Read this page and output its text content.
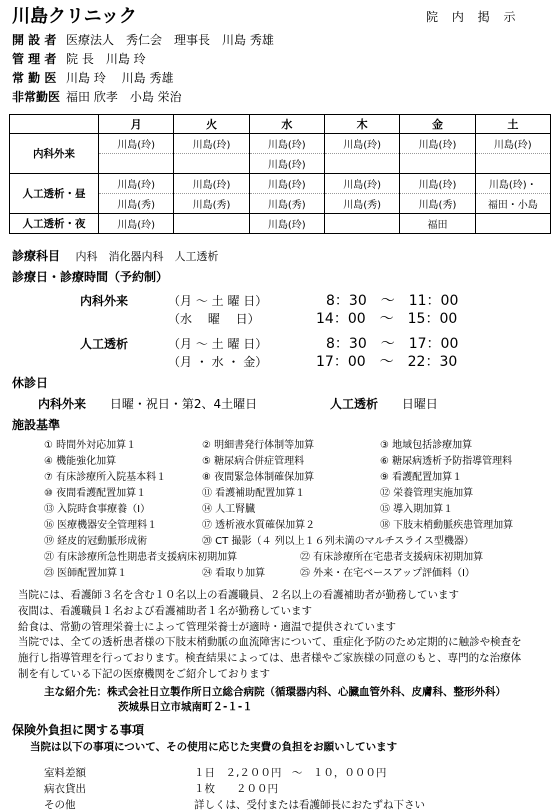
川島クリニック	院 内 掲 示
開 設 者 医療法人　秀仁会　理事長　川島 秀雄
管 理 者 院 長　川島 玲
常 勤 医 川島 玲　 川島 秀雄
非常勤医 福田 欣孝　小島 栄治
	月	火	水	木	金	土
内科外来	川島(玲)	川島(玲)	川島(玲)	川島(玲)	川島(玲)	川島(玲)
			川島(玲)			
人工透析・昼	川島(玲)	川島(玲)	川島(玲)	川島(玲)	川島(玲)	川島(玲)・
	川島(秀)	川島(秀)	川島(秀)	川島(秀)	川島(秀)	福田・小島
人工透析・夜	川島(玲)		川島(玲)		福田	
診療科目 内科　消化器内科　人工透析
診療日・診療時間（予約制）
内科外来	（月 ～ 土 曜 日）	8：30　～　11：00
（水　 曜　 日）	14：00　～　15：00
人工透析	（月 ～ 土 曜 日）	8：30　～　17：00
（月 ・ 水 ・ 金）	17：00　～　22：30
休診日
内科外来 日曜・祝日・第2、4土曜日	人工透析 日曜日
施設基準
① 時間外対応加算１	② 明細書発行体制等加算	③ 地域包括診療加算
④ 機能強化加算	⑤ 糖尿病合併症管理料	⑥ 糖尿病透析予防指導管理料
⑦ 有床診療所入院基本料１	⑧ 夜間緊急体制確保加算	⑨ 看護配置加算１
⑩ 夜間看護配置加算１	⑪ 看護補助配置加算１	⑫ 栄養管理実施加算
⑬ 入院時食事療養（Ⅰ）	⑭ 人工腎臓	⑮ 導入期加算１
⑯ 医療機器安全管理料１	⑰ 透析液水質確保加算２	⑱ 下肢末梢動脈疾患管理加算
⑲ 経皮的冠動脈形成術	⑳ CT 撮影（４ 列以上１６列未満のマルチスライス型機器）
㉑ 有床診療所急性期患者支援病床初期加算	㉒ 有床診療所在宅患者支援病床初期加算
㉓ 医師配置加算１	㉔ 看取り加算	㉕ 外来・在宅ベースアップ評価料（Ⅰ）
当院には、看護師３名を含む１０名以上の看護職員、２名以上の看護補助者が勤務しています
夜間は、看護職員１名および看護補助者１名が勤務しています
給食は、常勤の管理栄養士によって管理栄養士が適時・適温で提供されています
当院では、全ての透析患者様の下肢末梢動脈の血流障害について、重症化予防のため定期的に触診や検査を
施行し指導管理を行っております。検査結果によっては、患者様やご家族様の同意のもと、専門的な治療体
制を有している下記の医療機関をご紹介しております
主な紹介先：株式会社日立製作所日立総合病院（循環器内科、心臓血管外科、皮膚科、整形外科）
茨城県日立市城南町２-１-１
保険外負担に関する事項
当院は以下の事項について、その使用に応じた実費の負担をお願いしています
室料差額	１日　２,２００円　～　１０，０００円
病衣貸出	１枚　　２００円
その他	詳しくは、受付または看護師長におたずね下さい
